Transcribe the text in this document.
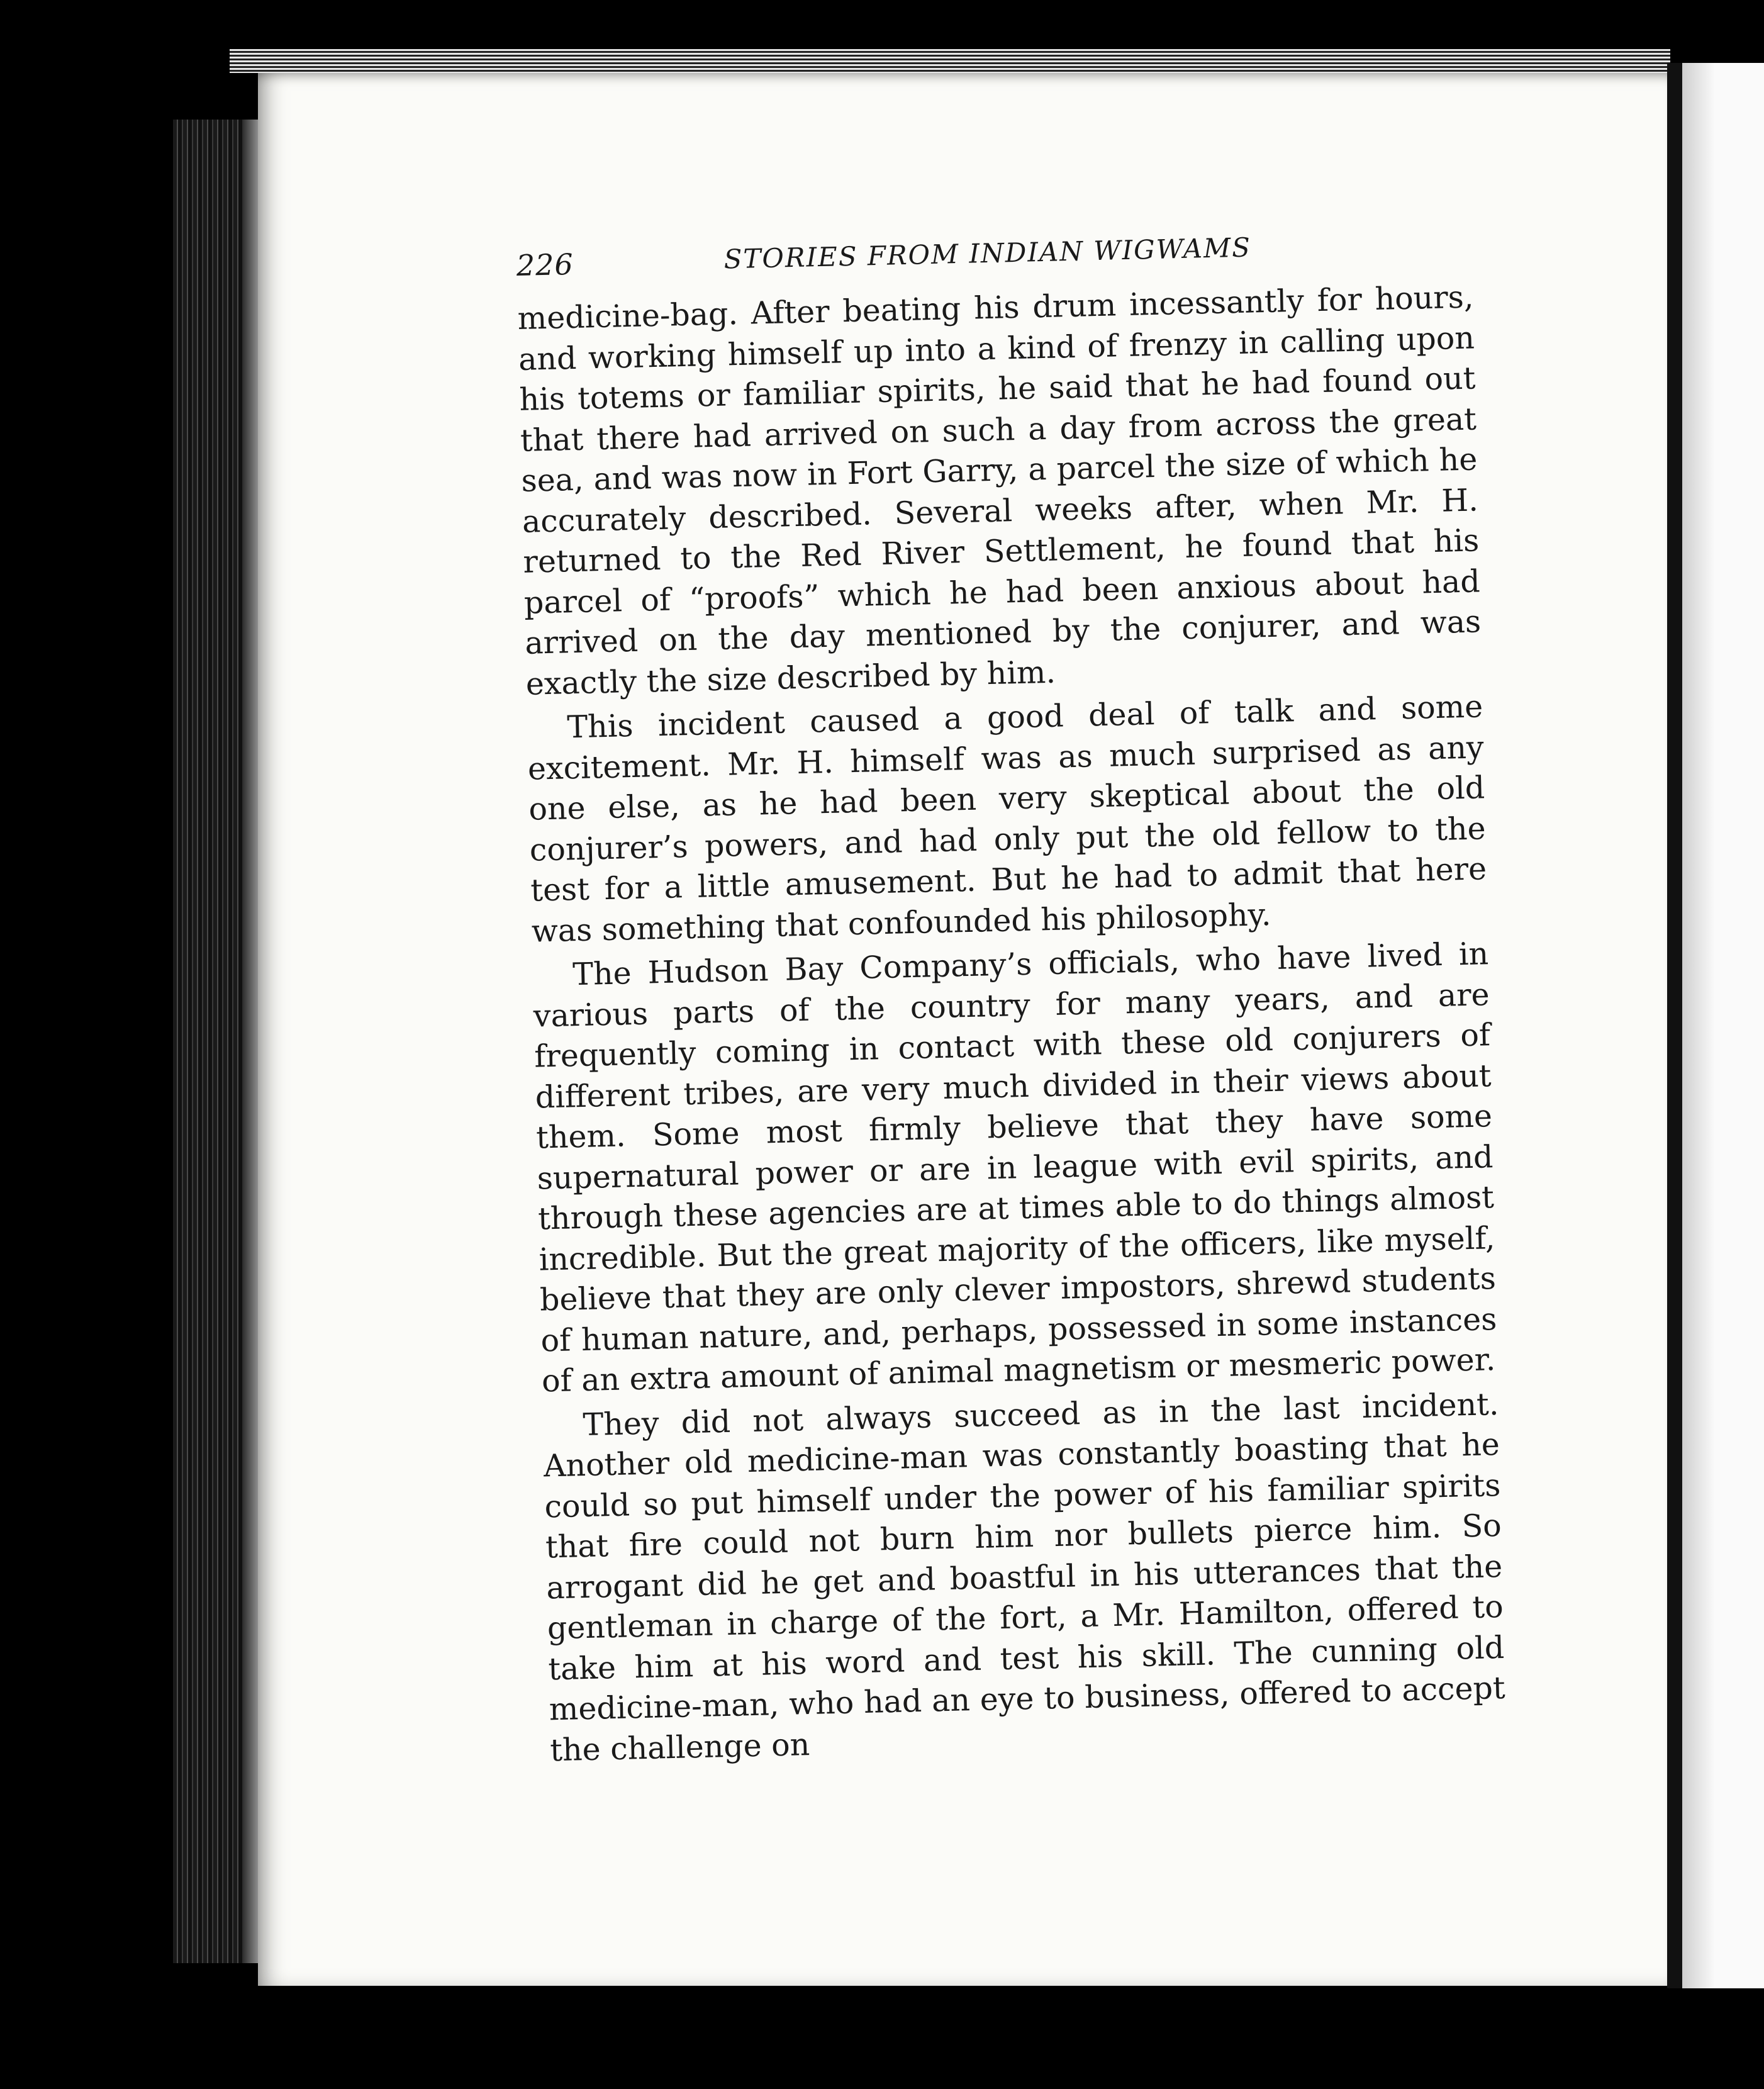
226	STORIES FROM INDIAN WIGWAMS

medicine-bag. After beating his drum incessantly for hours, and working himself up into a kind of frenzy in calling upon his totems or familiar spirits, he said that he had found out that there had arrived on such a day from across the great sea, and was now in Fort Garry, a parcel the size of which he accurately described. Several weeks after, when Mr. H. returned to the Red River Settlement, he found that his parcel of “proofs” which he had been anxious about had arrived on the day mentioned by the conjurer, and was exactly the size described by him.

This incident caused a good deal of talk and some excitement. Mr. H. himself was as much surprised as any one else, as he had been very skeptical about the old conjurer’s powers, and had only put the old fellow to the test for a little amusement. But he had to admit that here was something that confounded his philosophy.

The Hudson Bay Company’s officials, who have lived in various parts of the country for many years, and are frequently coming in contact with these old conjurers of different tribes, are very much divided in their views about them. Some most firmly believe that they have some supernatural power or are in league with evil spirits, and through these agencies are at times able to do things almost incredible. But the great majority of the officers, like myself, believe that they are only clever impostors, shrewd students of human nature, and, perhaps, possessed in some instances of an extra amount of animal magnetism or mesmeric power.

They did not always succeed as in the last incident. Another old medicine-man was constantly boasting that he could so put himself under the power of his familiar spirits that fire could not burn him nor bullets pierce him. So arrogant did he get and boastful in his utterances that the gentleman in charge of the fort, a Mr. Hamilton, offered to take him at his word and test his skill. The cunning old medicine-man, who had an eye to business, offered to accept the challenge on
